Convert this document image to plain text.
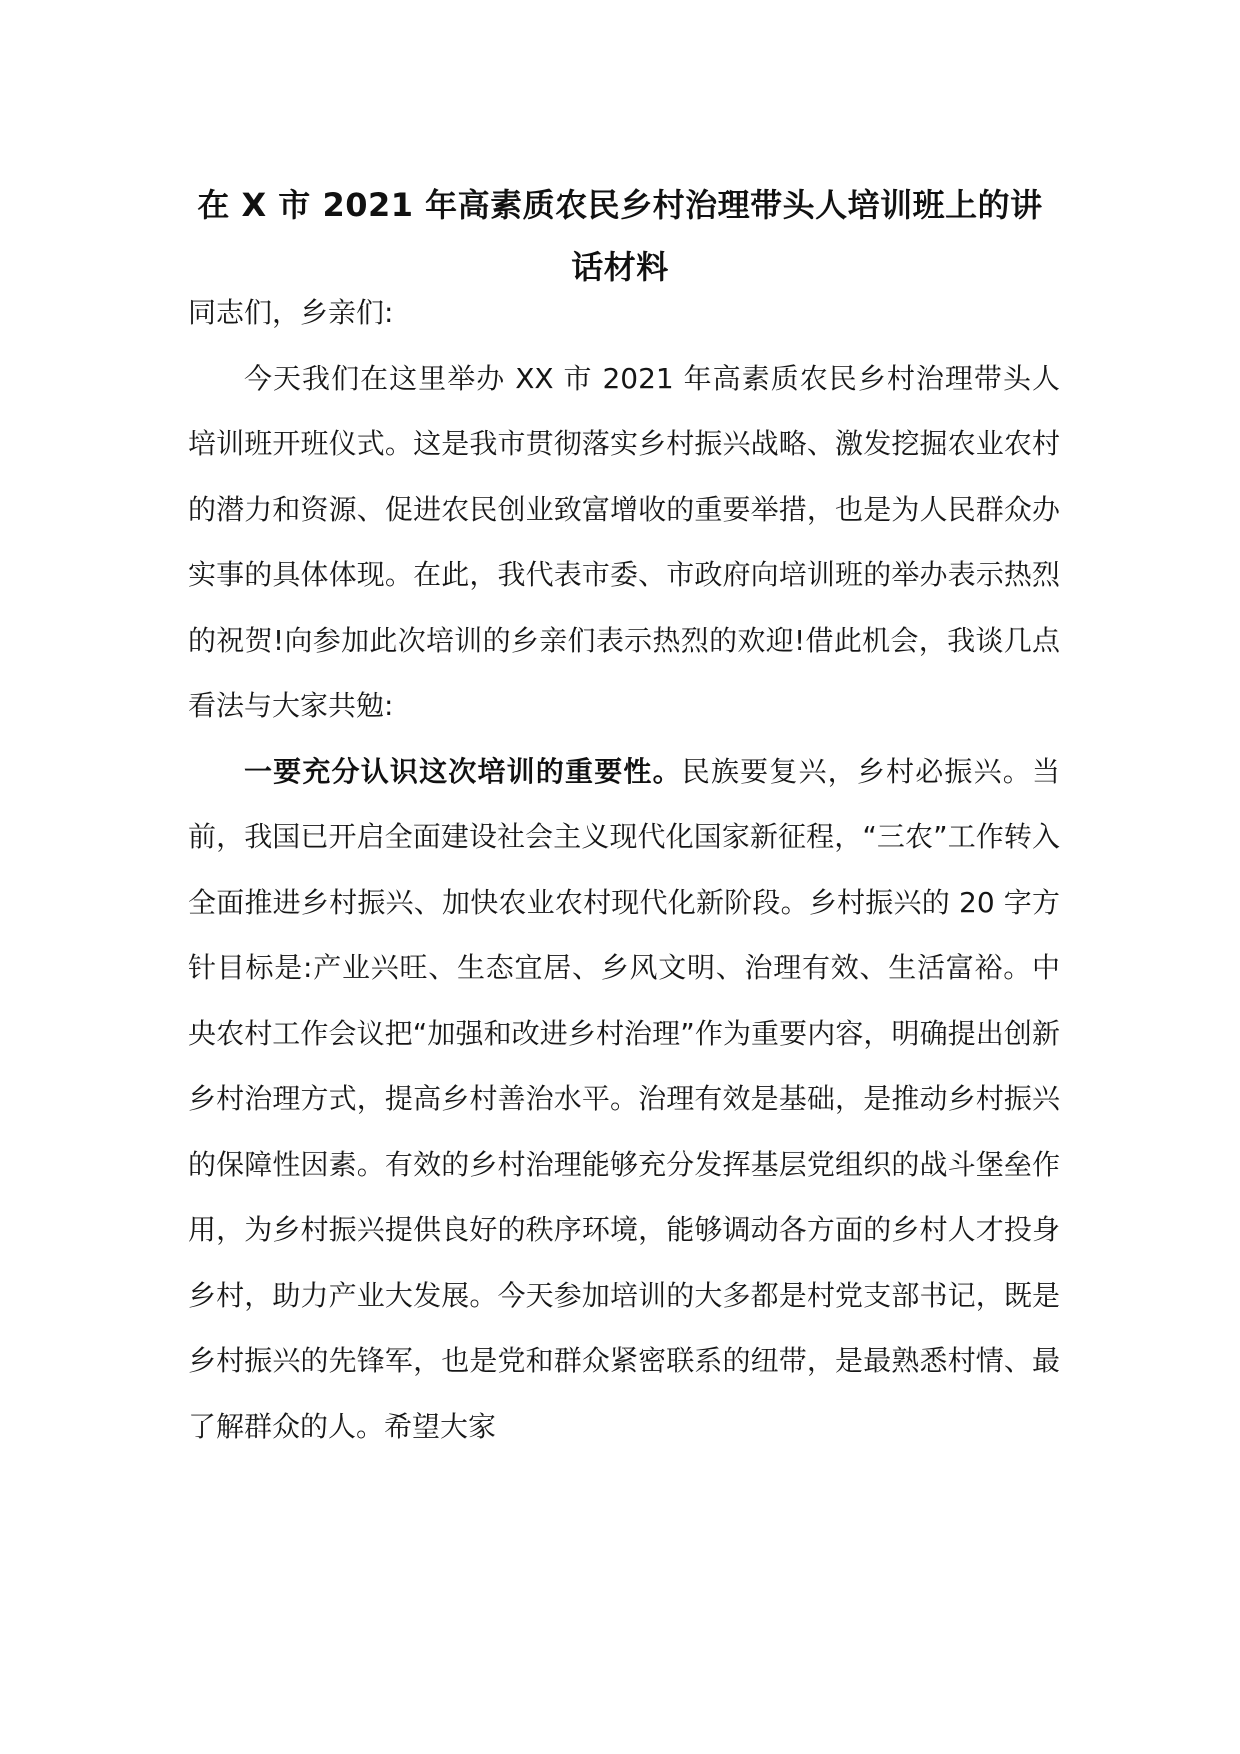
在 X 市 2021 年高素质农民乡村治理带头人培训班上的讲
话材料

同志们，乡亲们:

今天我们在这里举办 XX 市 2021 年高素质农民乡村治理带头人培训班开班仪式。这是我市贯彻落实乡村振兴战略、激发挖掘农业农村的潜力和资源、促进农民创业致富增收的重要举措，也是为人民群众办实事的具体体现。在此，我代表市委、市政府向培训班的举办表示热烈的祝贺!向参加此次培训的乡亲们表示热烈的欢迎!借此机会，我谈几点看法与大家共勉:

一要充分认识这次培训的重要性。民族要复兴，乡村必振兴。当前，我国已开启全面建设社会主义现代化国家新征程，“三农”工作转入全面推进乡村振兴、加快农业农村现代化新阶段。乡村振兴的 20 字方针目标是:产业兴旺、生态宜居、乡风文明、治理有效、生活富裕。中央农村工作会议把“加强和改进乡村治理”作为重要内容，明确提出创新乡村治理方式，提高乡村善治水平。治理有效是基础，是推动乡村振兴的保障性因素。有效的乡村治理能够充分发挥基层党组织的战斗堡垒作用，为乡村振兴提供良好的秩序环境，能够调动各方面的乡村人才投身乡村，助力产业大发展。今天参加培训的大多都是村党支部书记，既是乡村振兴的先锋军，也是党和群众紧密联系的纽带，是最熟悉村情、最了解群众的人。希望大家
